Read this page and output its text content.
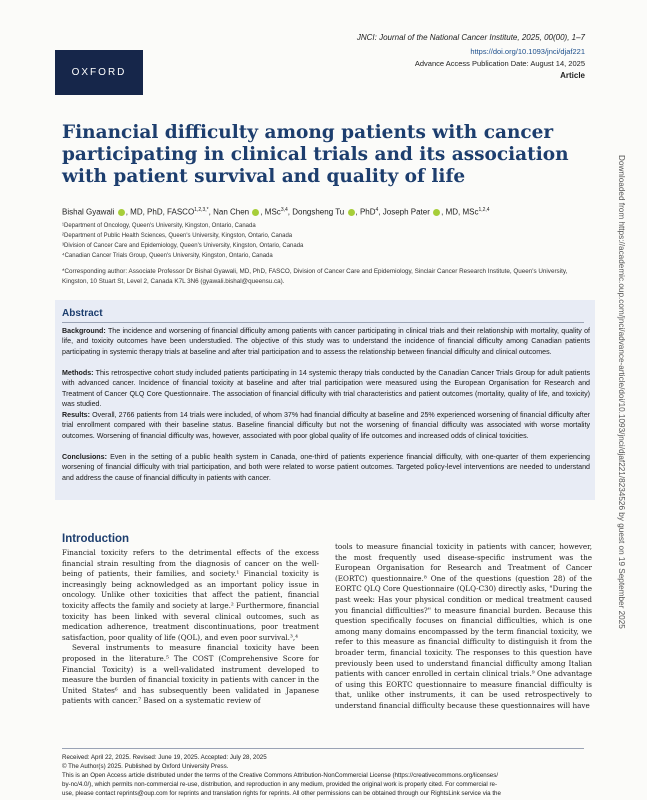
OXFORD
JNCI: Journal of the National Cancer Institute, 2025, 00(00), 1–7
https://doi.org/10.1093/jnci/djaf221
Advance Access Publication Date: August 14, 2025
Article
Financial difficulty among patients with cancer participating in clinical trials and its association with patient survival and quality of life
Bishal Gyawali , MD, PhD, $FASCO^{1,2,3,*}$, Nan Chen , MSc$^{3,4}$, Dongsheng Tu , PhD$^4$, Joseph Pater , MD, MSc$^{1,2,4}$
¹Department of Oncology, Queen's University, Kingston, Ontario, Canada
²Department of Public Health Sciences, Queen's University, Kingston, Ontario, Canada
³Division of Cancer Care and Epidemiology, Queen's University, Kingston, Ontario, Canada
⁴Canadian Cancer Trials Group, Queen's University, Kingston, Ontario, Canada
*Corresponding author: Associate Professor Dr Bishal Gyawali, MD, PhD, FASCO, Division of Cancer Care and Epidemiology, Sinclair Cancer Research Institute, Queen's University, Kingston, 10 Stuart St, Level 2, Canada K7L 3N6 (gyawali.bishal@queensu.ca).
Abstract

Background: The incidence and worsening of financial difficulty among patients with cancer participating in clinical trials and their relationship with mortality, quality of life, and toxicity outcomes have been understudied. The objective of this study was to understand the incidence of financial difficulty among Canadian patients participating in systemic therapy trials at baseline and after trial participation and to assess the relationship between financial difficulty and clinical outcomes.

Methods: This retrospective cohort study included patients participating in 14 systemic therapy trials conducted by the Canadian Cancer Trials Group for adult patients with advanced cancer. Incidence of financial toxicity at baseline and after trial participation were measured using the European Organisation for Research and Treatment of Cancer QLQ Core Questionnaire. The association of financial difficulty with trial characteristics and patient outcomes (mortality, quality of life, and toxicity) was studied.

Results: Overall, 2766 patients from 14 trials were included, of whom 37% had financial difficulty at baseline and 25% experienced worsening of financial difficulty after trial enrollment compared with their baseline status. Baseline financial difficulty but not the worsening of financial difficulty was associated with worse mortality outcomes. Worsening of financial difficulty was, however, associated with poor global quality of life outcomes and increased odds of clinical toxicities.

Conclusions: Even in the setting of a public health system in Canada, one-third of patients experience financial difficulty, with one-quarter of them experiencing worsening of financial difficulty with trial participation, and both were related to worse patient outcomes. Targeted policy-level interventions are needed to understand and address the cause of financial difficulty in patients with cancer.

Introduction

Financial toxicity refers to the detrimental effects of the excess financial strain resulting from the diagnosis of cancer on the well-being of patients, their families, and society.¹ Financial toxicity is increasingly being acknowledged as an important policy issue in oncology. Unlike other toxicities that affect the patient, financial toxicity affects the family and society at large.² Furthermore, financial toxicity has been linked with several clinical outcomes, such as medication adherence, treatment discontinuations, poor treatment satisfaction, poor quality of life (QOL), and even poor survival.³,⁴

Several instruments to measure financial toxicity have been proposed in the literature.⁵ The COST (Comprehensive Score for Financial Toxicity) is a well-validated instrument developed to measure the burden of financial toxicity in patients with cancer in the United States⁶ and has subsequently been validated in Japanese patients with cancer.⁷ Based on a systematic review of

tools to measure financial toxicity in patients with cancer, however, the most frequently used disease-specific instrument was the European Organisation for Research and Treatment of Cancer (EORTC) questionnaire.⁸ One of the questions (question 28) of the EORTC QLQ Core Questionnaire (QLQ-C30) directly asks, "During the past week: Has your physical condition or medical treatment caused you financial difficulties?" to measure financial burden. Because this question specifically focuses on financial difficulties, which is one among many domains encompassed by the term financial toxicity, we refer to this measure as financial difficulty to distinguish it from the broader term, financial toxicity. The responses to this question have previously been used to understand financial difficulty among Italian patients with cancer enrolled in certain clinical trials.⁹ One advantage of using this EORTC questionnaire to measure financial difficulty is that, unlike other instruments, it can be used retrospectively to understand financial difficulty because these questionnaires will have

Received: April 22, 2025. Revised: June 19, 2025. Accepted: July 28, 2025
© The Author(s) 2025. Published by Oxford University Press.
This is an Open Access article distributed under the terms of the Creative Commons Attribution-NonCommercial License (https://creativecommons.org/licenses/
by-nc/4.0/), which permits non-commercial re-use, distribution, and reproduction in any medium, provided the original work is properly cited. For commercial re-
use, please contact reprints@oup.com for reprints and translation rights for reprints. All other permissions can be obtained through our RightsLink service via the
Downloaded from https://academic.oup.com/jnci/advance-article/doi/10.1093/jnci/djaf221/8234526 by guest on 19 September 2025
